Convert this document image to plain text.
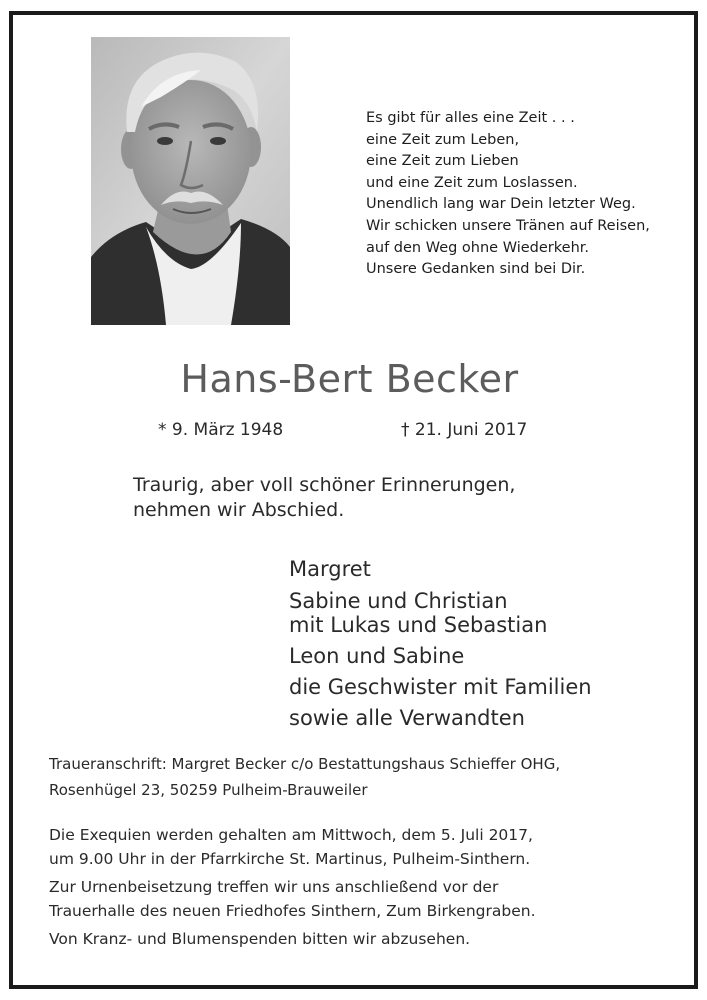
Es gibt für alles eine Zeit . . .
eine Zeit zum Leben,
eine Zeit zum Lieben
und eine Zeit zum Loslassen.
Unendlich lang war Dein letzter Weg.
Wir schicken unsere Tränen auf Reisen,
auf den Weg ohne Wiederkehr.
Unsere Gedanken sind bei Dir.
Hans-Bert Becker
* 9. März 1948	† 21. Juni 2017
Traurig, aber voll schöner Erinnerungen,
nehmen wir Abschied.
Margret
Sabine und Christian
mit Lukas und Sebastian
Leon und Sabine
die Geschwister mit Familien
sowie alle Verwandten
Traueranschrift: Margret Becker c/o Bestattungshaus Schieffer OHG,
Rosenhügel 23, 50259 Pulheim-Brauweiler
Die Exequien werden gehalten am Mittwoch, dem 5. Juli 2017,
um 9.00 Uhr in der Pfarrkirche St. Martinus, Pulheim-Sinthern.
Zur Urnenbeisetzung treffen wir uns anschließend vor der
Trauerhalle des neuen Friedhofes Sinthern, Zum Birkengraben.
Von Kranz- und Blumenspenden bitten wir abzusehen.
